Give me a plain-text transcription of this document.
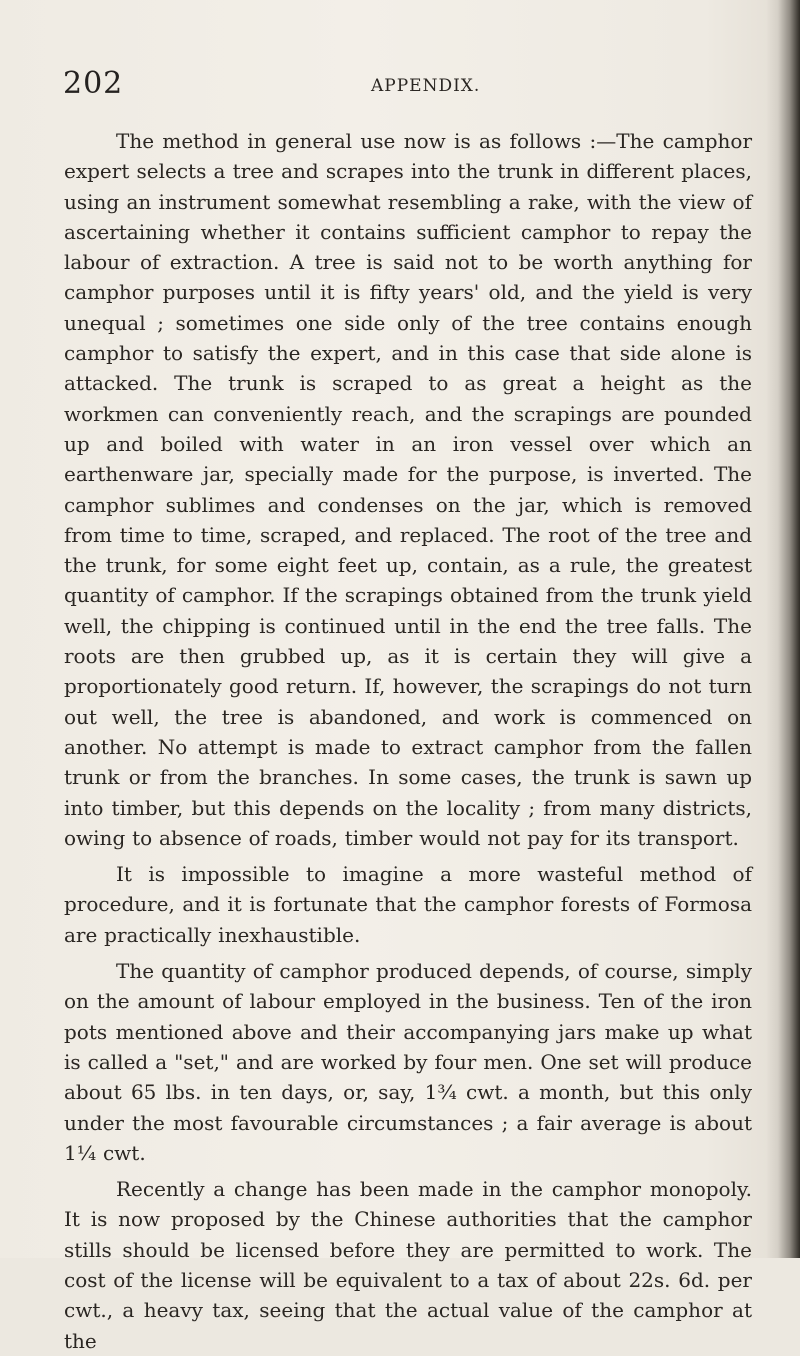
202	APPENDIX.

The method in general use now is as follows :—The camphor expert selects a tree and scrapes into the trunk in different places, using an instrument somewhat resembling a rake, with the view of ascertaining whether it contains sufficient camphor to repay the labour of extraction. A tree is said not to be worth anything for camphor purposes until it is fifty years' old, and the yield is very unequal ; sometimes one side only of the tree contains enough camphor to satisfy the expert, and in this case that side alone is attacked. The trunk is scraped to as great a height as the workmen can conveniently reach, and the scrapings are pounded up and boiled with water in an iron vessel over which an earthenware jar, specially made for the purpose, is inverted. The camphor sublimes and condenses on the jar, which is removed from time to time, scraped, and replaced. The root of the tree and the trunk, for some eight feet up, contain, as a rule, the greatest quantity of camphor. If the scrapings obtained from the trunk yield well, the chipping is continued until in the end the tree falls. The roots are then grubbed up, as it is certain they will give a proportionately good return. If, however, the scrapings do not turn out well, the tree is abandoned, and work is commenced on another. No attempt is made to extract camphor from the fallen trunk or from the branches. In some cases, the trunk is sawn up into timber, but this depends on the locality ; from many districts, owing to absence of roads, timber would not pay for its transport.

It is impossible to imagine a more wasteful method of procedure, and it is fortunate that the camphor forests of Formosa are practically inexhaustible.

The quantity of camphor produced depends, of course, simply on the amount of labour employed in the business. Ten of the iron pots mentioned above and their accompanying jars make up what is called a "set," and are worked by four men. One set will produce about 65 lbs. in ten days, or, say, 1¾ cwt. a month, but this only under the most favourable circumstances ; a fair average is about 1¼ cwt.

Recently a change has been made in the camphor monopoly. It is now proposed by the Chinese authorities that the camphor stills should be licensed before they are permitted to work. The cost of the license will be equivalent to a tax of about 22s. 6d. per cwt., a heavy tax, seeing that the actual value of the camphor at the
